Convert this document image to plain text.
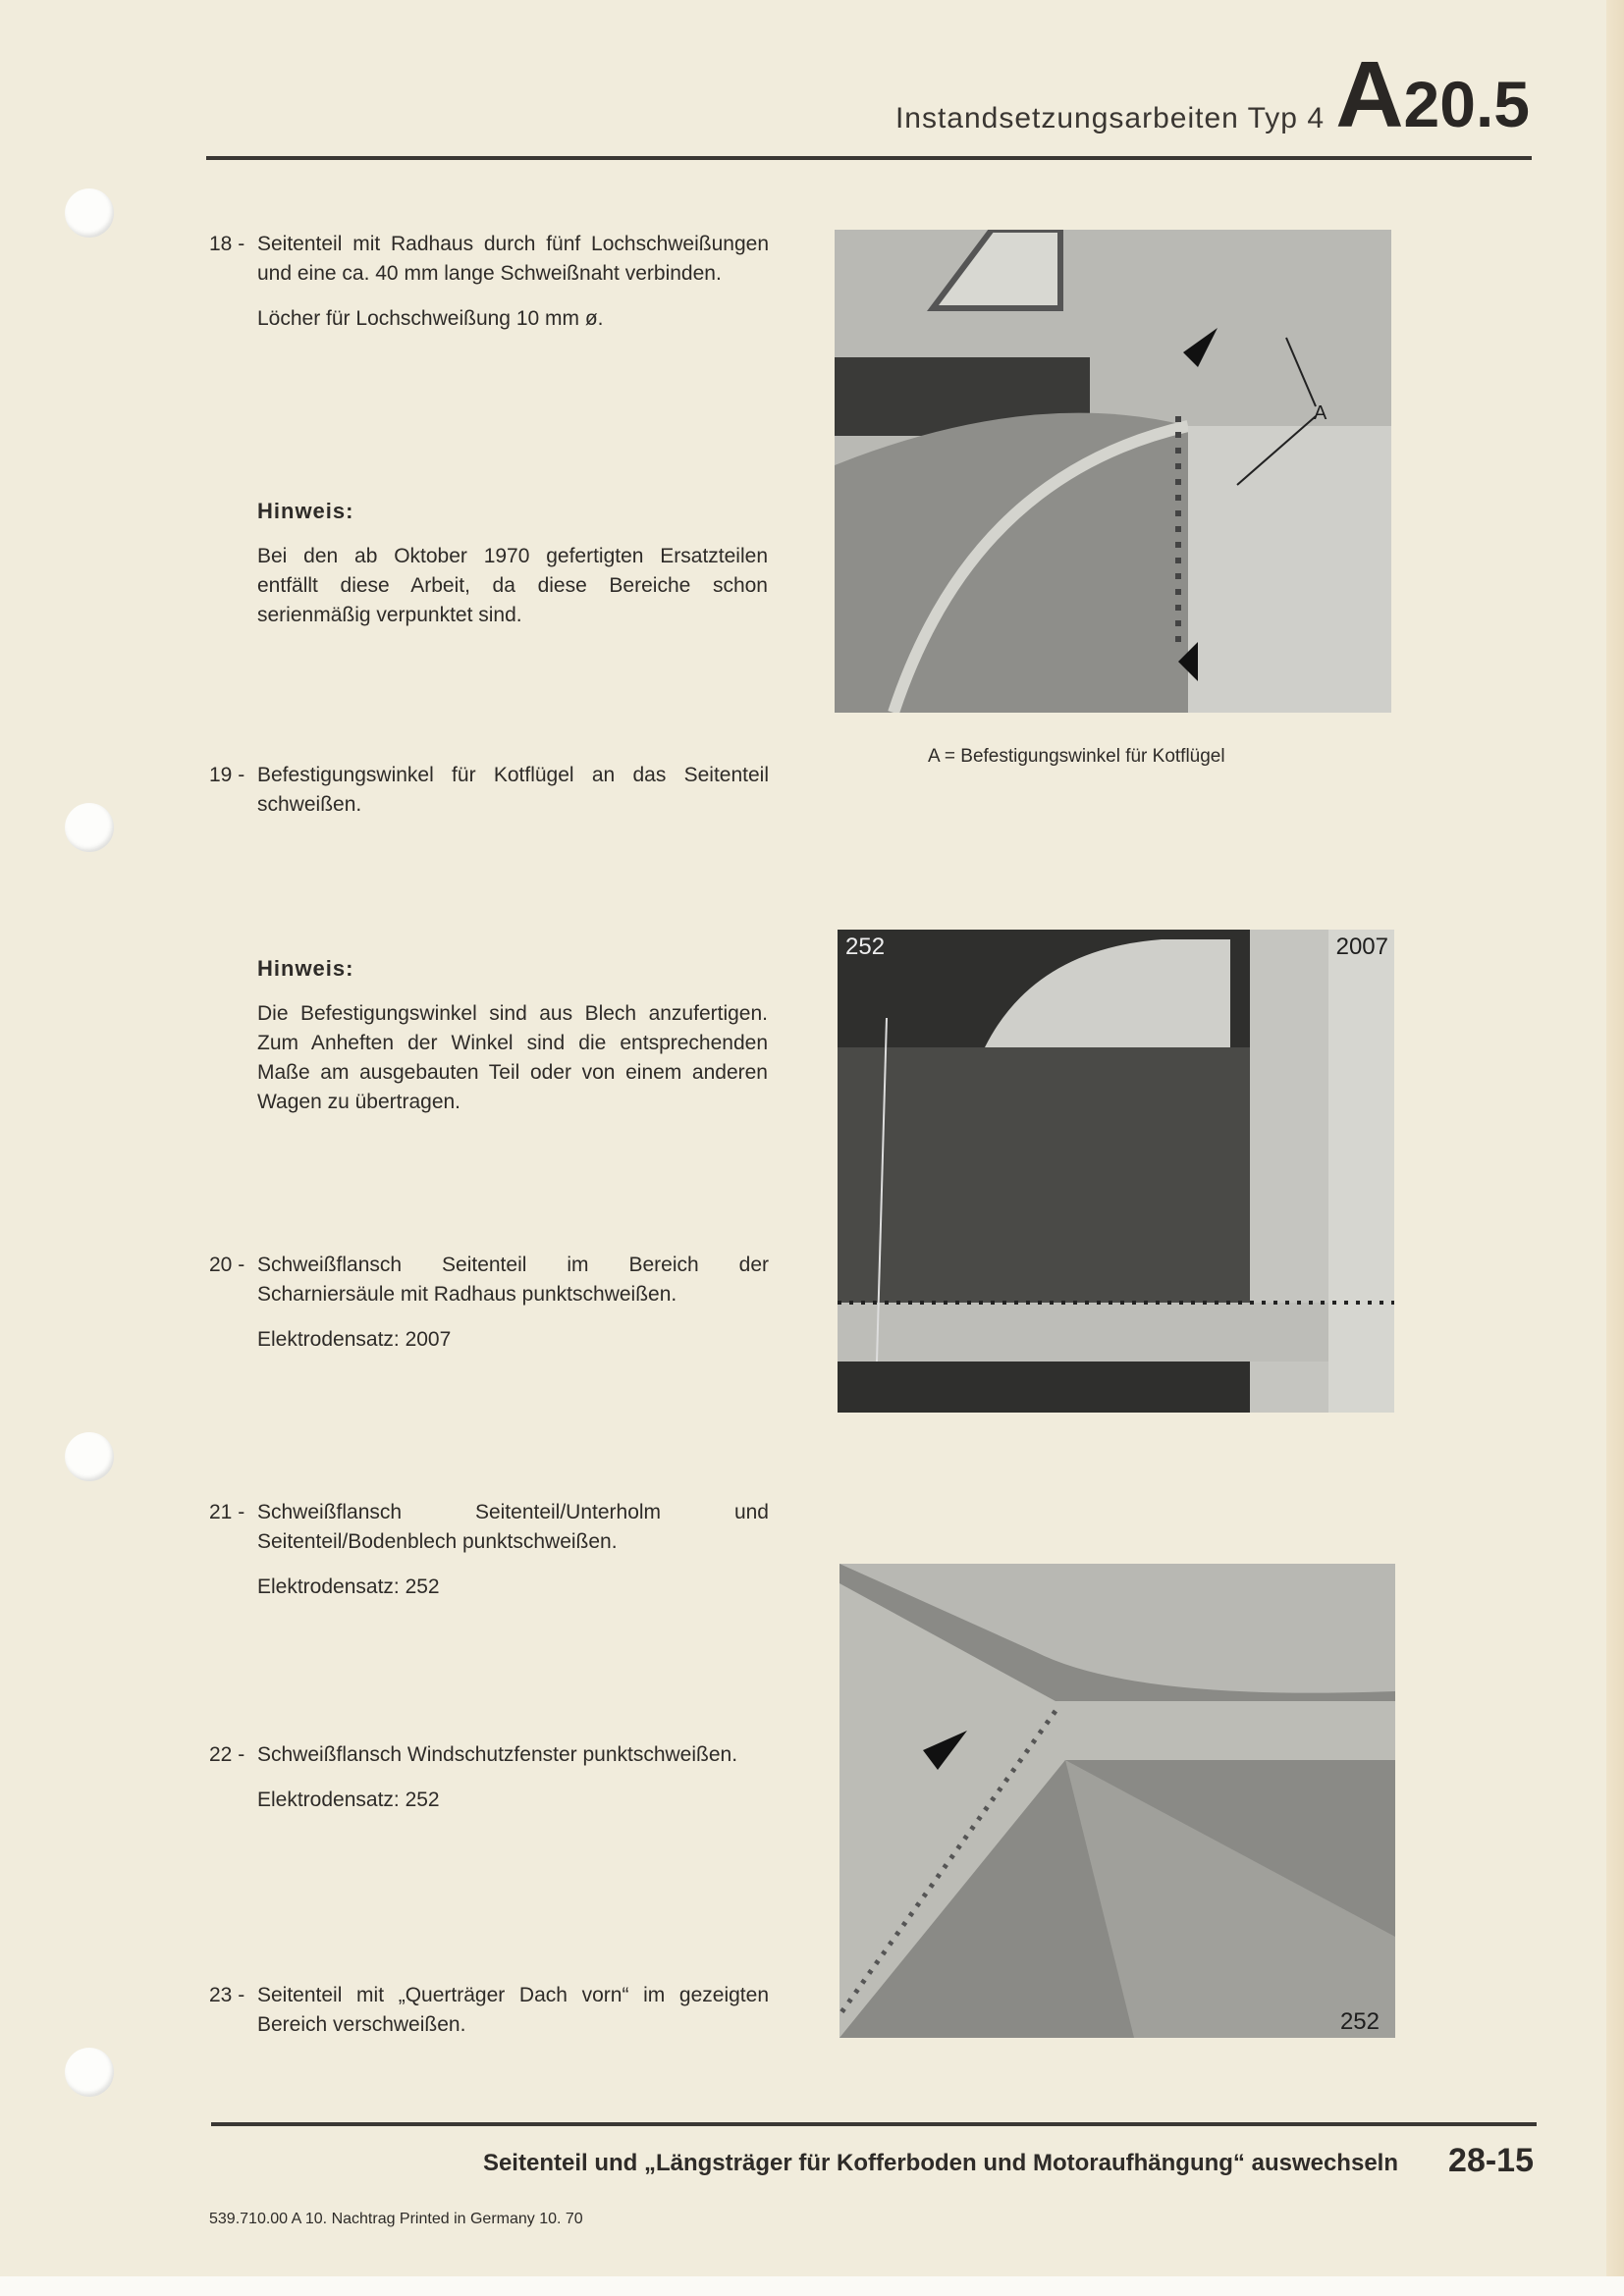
Instandsetzungsarbeiten Typ 4 A20.5
18 - Seitenteil mit Radhaus durch fünf Lochschweißungen und eine ca. 40 mm lange Schweißnaht verbinden.
Löcher für Lochschweißung 10 mm ø.
Hinweis:
Bei den ab Oktober 1970 gefertigten Ersatzteilen entfällt diese Arbeit, da diese Bereiche schon serienmäßig verpunktet sind.
19 - Befestigungswinkel für Kotflügel an das Seitenteil schweißen.
Hinweis:
Die Befestigungswinkel sind aus Blech anzufertigen. Zum Anheften der Winkel sind die entsprechenden Maße am ausgebauten Teil oder von einem anderen Wagen zu übertragen.
20 - Schweißflansch Seitenteil im Bereich der Scharniersäule mit Radhaus punktschweißen.
Elektrodensatz: 2007
21 - Schweißflansch Seitenteil/Unterholm und Seitenteil/Bodenblech punktschweißen.
Elektrodensatz: 252
22 - Schweißflansch Windschutzfenster punktschweißen.
Elektrodensatz: 252
23 - Seitenteil mit „Querträger Dach vorn“ im gezeigten Bereich verschweißen.
A
A = Befestigungswinkel für Kotflügel
252	2007
252
Seitenteil und „Längsträger für Kofferboden und Motoraufhängung“ auswechseln 28-15
539.710.00 A 10. Nachtrag Printed in Germany 10. 70
